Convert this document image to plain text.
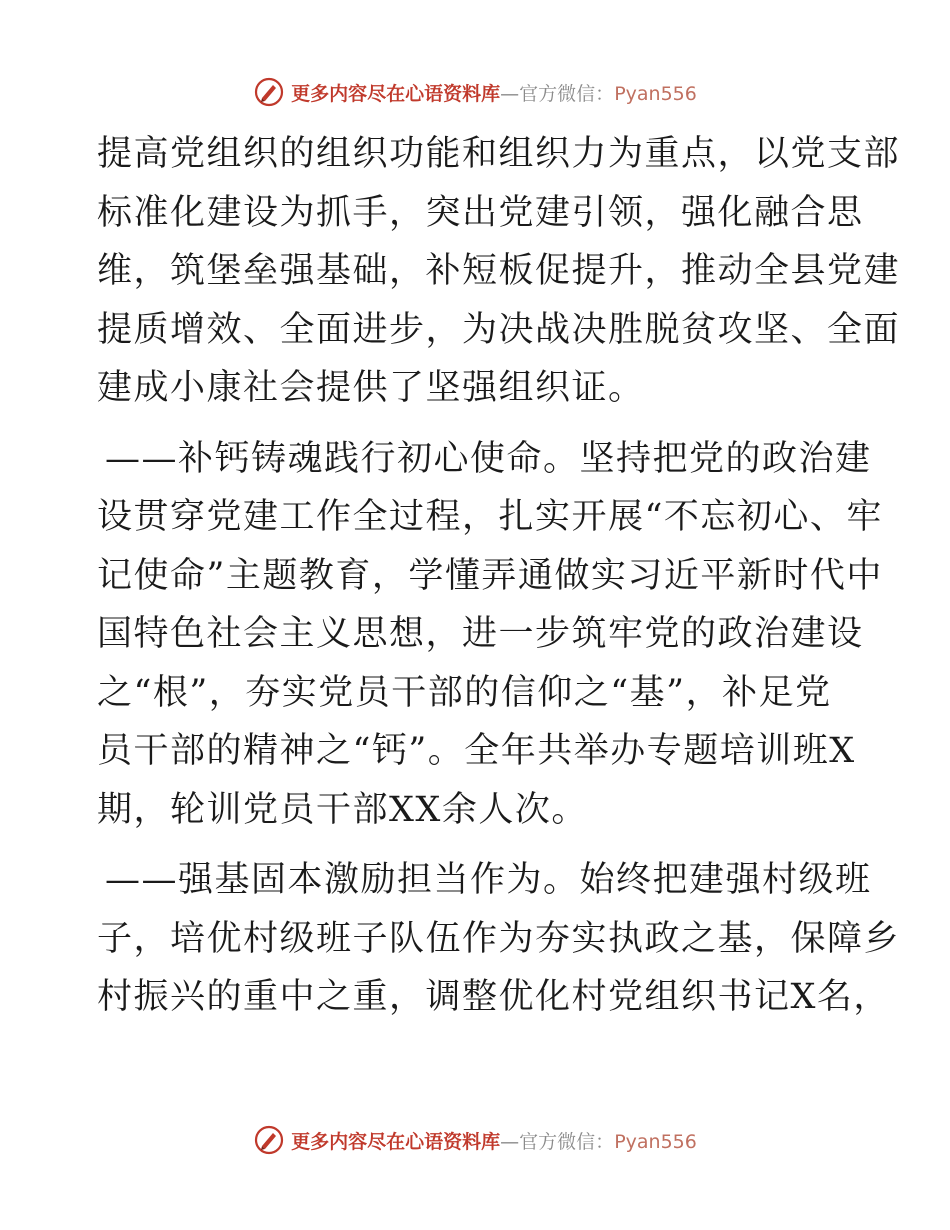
更多内容尽在心语资料库—官方微信：Pyan556
提高党组织的组织功能和组织力为重点，以党支部
标准化建设为抓手，突出党建引领，强化融合思
维，筑堡垒强基础，补短板促提升，推动全县党建
提质增效、全面进步，为决战决胜脱贫攻坚、全面
建成小康社会提供了坚强组织证。
——补钙铸魂践行初心使命。坚持把党的政治建
设贯穿党建工作全过程，扎实开展“不忘初心、牢
记使命”主题教育，学懂弄通做实习近平新时代中
国特色社会主义思想，进一步筑牢党的政治建设
之“根”，夯实党员干部的信仰之“基”，补足党
员干部的精神之“钙”。全年共举办专题培训班X
期，轮训党员干部XX余人次。
——强基固本激励担当作为。始终把建强村级班
子，培优村级班子队伍作为夯实执政之基，保障乡
村振兴的重中之重，调整优化村党组织书记X名，
更多内容尽在心语资料库—官方微信：Pyan556
